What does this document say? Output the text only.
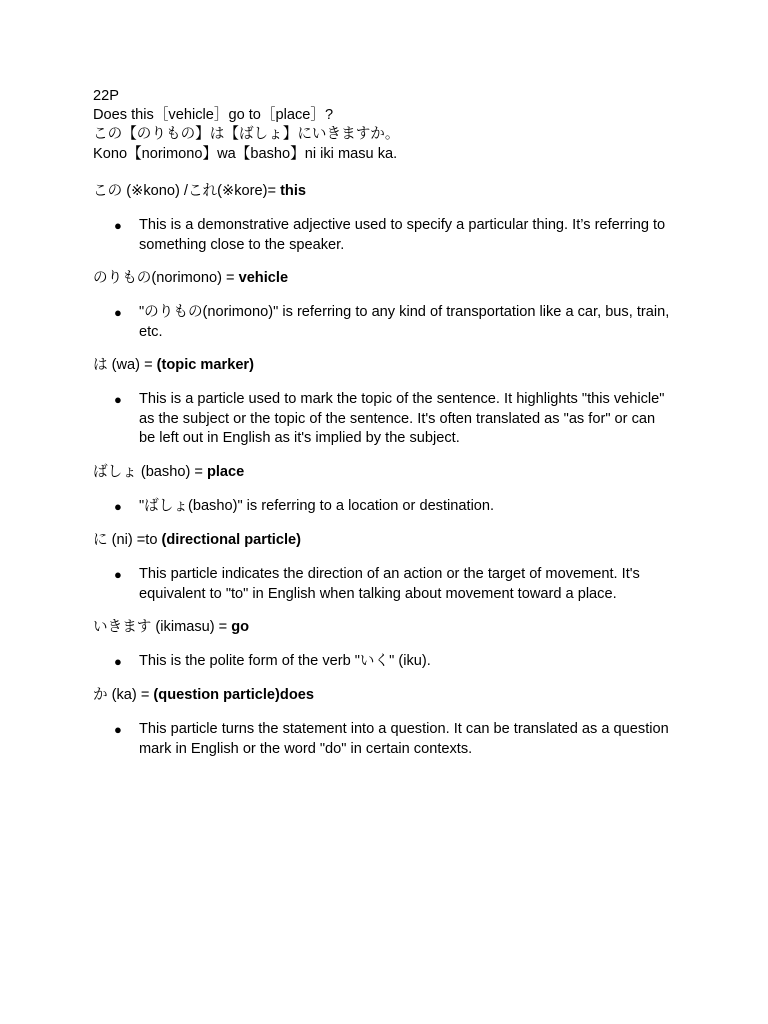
22P
Does this［vehicle］go to［place］?
この【のりもの】は【ばしょ】にいきますか。
Kono【norimono】wa【basho】ni iki masu ka.
この (※kono) /これ(※kore)= this
●	This is a demonstrative adjective used to specify a particular thing. It’s referring to something close to the speaker.
のりもの(norimono) = vehicle
●	"のりもの(norimono)" is referring to any kind of transportation like a car, bus, train, etc.
は (wa) = (topic marker)
●	This is a particle used to mark the topic of the sentence. It highlights "this vehicle" as the subject or the topic of the sentence. It's often translated as "as for" or can be left out in English as it's implied by the subject.
ばしょ (basho) = place
●	"ばしょ(basho)" is referring to a location or destination.
に (ni) =to (directional particle)
●	This particle indicates the direction of an action or the target of movement. It's equivalent to "to" in English when talking about movement toward a place.
いきます (ikimasu) = go
●	This is the polite form of the verb "いく" (iku).
か (ka) = (question particle)does
●	This particle turns the statement into a question. It can be translated as a question mark in English or the word "do" in certain contexts.
